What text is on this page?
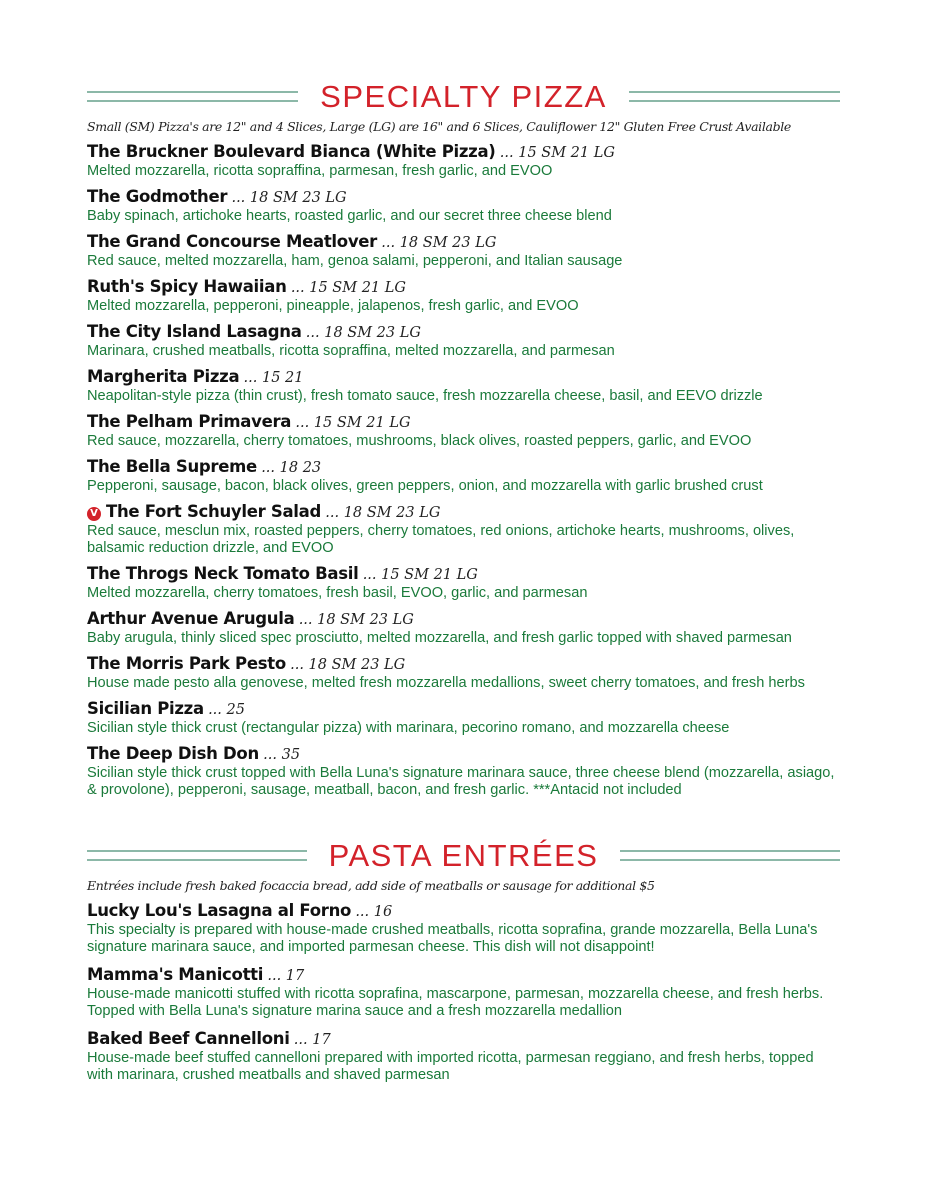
SPECIALTY PIZZA
Small (SM) Pizza's are 12" and 4 Slices, Large (LG) are 16" and 6 Slices, Cauliflower 12" Gluten Free Crust Available
The Bruckner Boulevard Bianca (White Pizza) ... 15 SM 21 LG
Melted mozzarella, ricotta sopraffina, parmesan, fresh garlic, and EVOO
The Godmother ... 18 SM 23 LG
Baby spinach, artichoke hearts, roasted garlic, and our secret three cheese blend
The Grand Concourse Meatlover ... 18 SM 23 LG
Red sauce, melted mozzarella, ham, genoa salami, pepperoni, and Italian sausage
Ruth's Spicy Hawaiian ... 15 SM 21 LG
Melted mozzarella, pepperoni, pineapple, jalapenos, fresh garlic, and EVOO
The City Island Lasagna ... 18 SM 23 LG
Marinara, crushed meatballs, ricotta sopraffina, melted mozzarella, and parmesan
Margherita Pizza ... 15 21
Neapolitan-style pizza (thin crust), fresh tomato sauce, fresh mozzarella cheese, basil, and EEVO drizzle
The Pelham Primavera ... 15 SM 21 LG
Red sauce, mozzarella, cherry tomatoes, mushrooms, black olives, roasted peppers, garlic, and EVOO
The Bella Supreme ... 18 23
Pepperoni, sausage, bacon, black olives, green peppers, onion, and mozzarella with garlic brushed crust
V The Fort Schuyler Salad ... 18 SM 23 LG
Red sauce, mesclun mix, roasted peppers, cherry tomatoes, red onions, artichoke hearts, mushrooms, olives, balsamic reduction drizzle, and EVOO
The Throgs Neck Tomato Basil ... 15 SM 21 LG
Melted mozzarella, cherry tomatoes, fresh basil, EVOO, garlic, and parmesan
Arthur Avenue Arugula ... 18 SM 23 LG
Baby arugula, thinly sliced spec prosciutto, melted mozzarella, and fresh garlic topped with shaved parmesan
The Morris Park Pesto ... 18 SM 23 LG
House made pesto alla genovese, melted fresh mozzarella medallions, sweet cherry tomatoes, and fresh herbs
Sicilian Pizza ... 25
Sicilian style thick crust (rectangular pizza) with marinara, pecorino romano, and mozzarella cheese
The Deep Dish Don ... 35
Sicilian style thick crust topped with Bella Luna's signature marinara sauce, three cheese blend (mozzarella, asiago, & provolone), pepperoni, sausage, meatball, bacon, and fresh garlic. ***Antacid not included
PASTA ENTRÉES
Entrées include fresh baked focaccia bread, add side of meatballs or sausage for additional $5
Lucky Lou's Lasagna al Forno ... 16
This specialty is prepared with house-made crushed meatballs, ricotta soprafina, grande mozzarella, Bella Luna's signature marinara sauce, and imported parmesan cheese. This dish will not disappoint!
Mamma's Manicotti ... 17
House-made manicotti stuffed with ricotta soprafina, mascarpone, parmesan, mozzarella cheese, and fresh herbs. Topped with Bella Luna's signature marina sauce and a fresh mozzarella medallion
Baked Beef Cannelloni ... 17
House-made beef stuffed cannelloni prepared with imported ricotta, parmesan reggiano, and fresh herbs, topped with marinara, crushed meatballs and shaved parmesan
